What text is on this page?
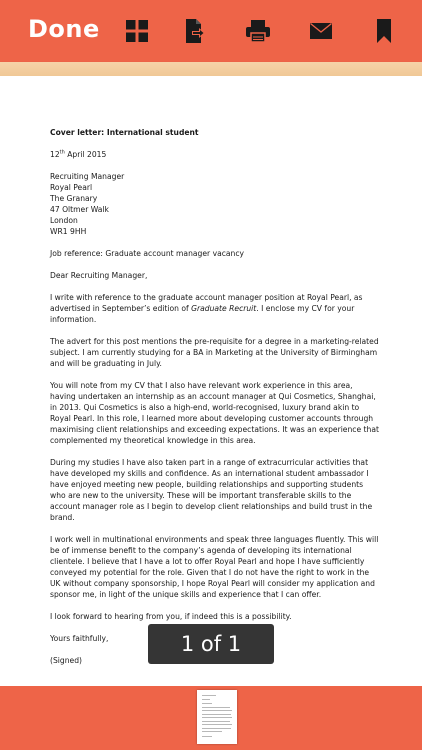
Done

Cover letter: International student

12th April 2015

Recruiting Manager
Royal Pearl
The Granary
47 Oltmer Walk
London
WR1 9HH

Job reference: Graduate account manager vacancy

Dear Recruiting Manager,

I write with reference to the graduate account manager position at Royal Pearl, as advertised in September’s edition of Graduate Recruit. I enclose my CV for your information.

The advert for this post mentions the pre-requisite for a degree in a marketing-related subject. I am currently studying for a BA in Marketing at the University of Birmingham and will be graduating in July.

You will note from my CV that I also have relevant work experience in this area, having undertaken an internship as an account manager at Qui Cosmetics, Shanghai, in 2013. Qui Cosmetics is also a high-end, world-recognised, luxury brand akin to Royal Pearl. In this role, I learned more about developing customer accounts through maximising client relationships and exceeding expectations. It was an experience that complemented my theoretical knowledge in this area.

During my studies I have also taken part in a range of extracurricular activities that have developed my skills and confidence. As an international student ambassador I have enjoyed meeting new people, building relationships and supporting students who are new to the university. These will be important transferable skills to the account manager role as I begin to develop client relationships and build trust in the brand.

I work well in multinational environments and speak three languages fluently. This will be of immense benefit to the company’s agenda of developing its international clientele. I believe that I have a lot to offer Royal Pearl and hope I have sufficiently conveyed my potential for the role. Given that I do not have the right to work in the UK without company sponsorship, I hope Royal Pearl will consider my application and sponsor me, in light of the unique skills and experience that I can offer.

I look forward to hearing from you, if indeed this is a possibility.

Yours faithfully,

(Signed)

1 of 1
